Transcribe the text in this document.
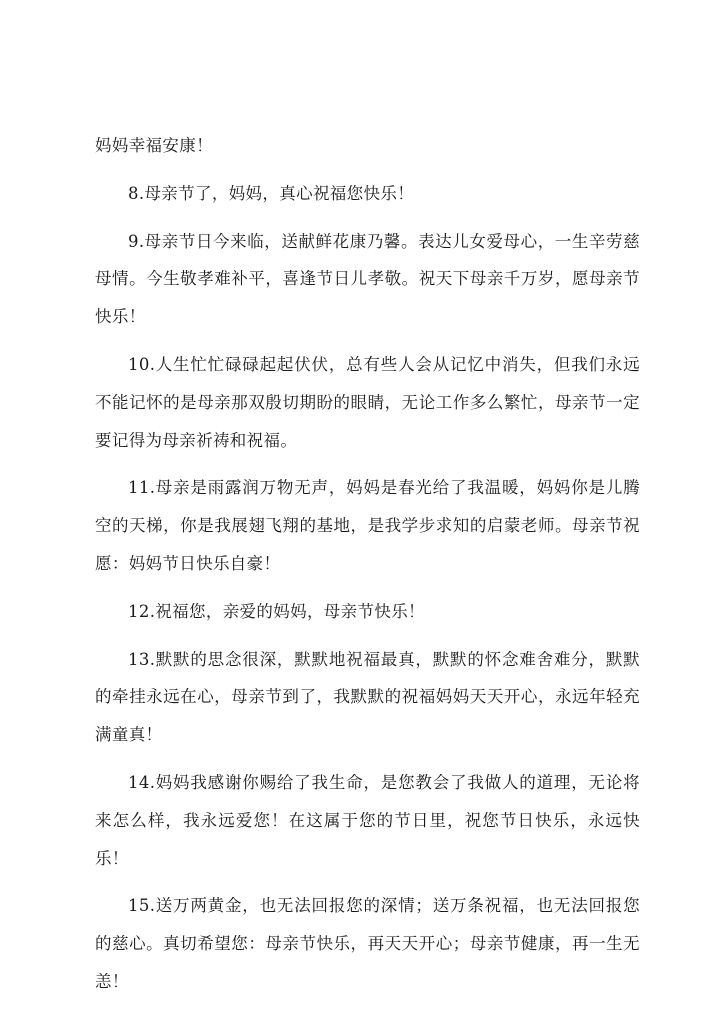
妈妈幸福安康！

8.母亲节了，妈妈，真心祝福您快乐！

9.母亲节日今来临，送献鲜花康乃馨。表达儿女爱母心，一生辛劳慈母情。今生敬孝难补平，喜逢节日儿孝敬。祝天下母亲千万岁，愿母亲节快乐！

10.人生忙忙碌碌起起伏伏，总有些人会从记忆中消失，但我们永远不能记怀的是母亲那双殷切期盼的眼睛，无论工作多么繁忙，母亲节一定要记得为母亲祈祷和祝福。

11.母亲是雨露润万物无声，妈妈是春光给了我温暖，妈妈你是儿腾空的天梯，你是我展翅飞翔的基地，是我学步求知的启蒙老师。母亲节祝愿：妈妈节日快乐自豪！

12.祝福您，亲爱的妈妈，母亲节快乐！

13.默默的思念很深，默默地祝福最真，默默的怀念难舍难分，默默的牵挂永远在心，母亲节到了，我默默的祝福妈妈天天开心，永远年轻充满童真！

14.妈妈我感谢你赐给了我生命，是您教会了我做人的道理，无论将来怎么样，我永远爱您！在这属于您的节日里，祝您节日快乐，永远快乐！

15.送万两黄金，也无法回报您的深情；送万条祝福，也无法回报您的慈心。真切希望您：母亲节快乐，再天天开心；母亲节健康，再一生无恙！
